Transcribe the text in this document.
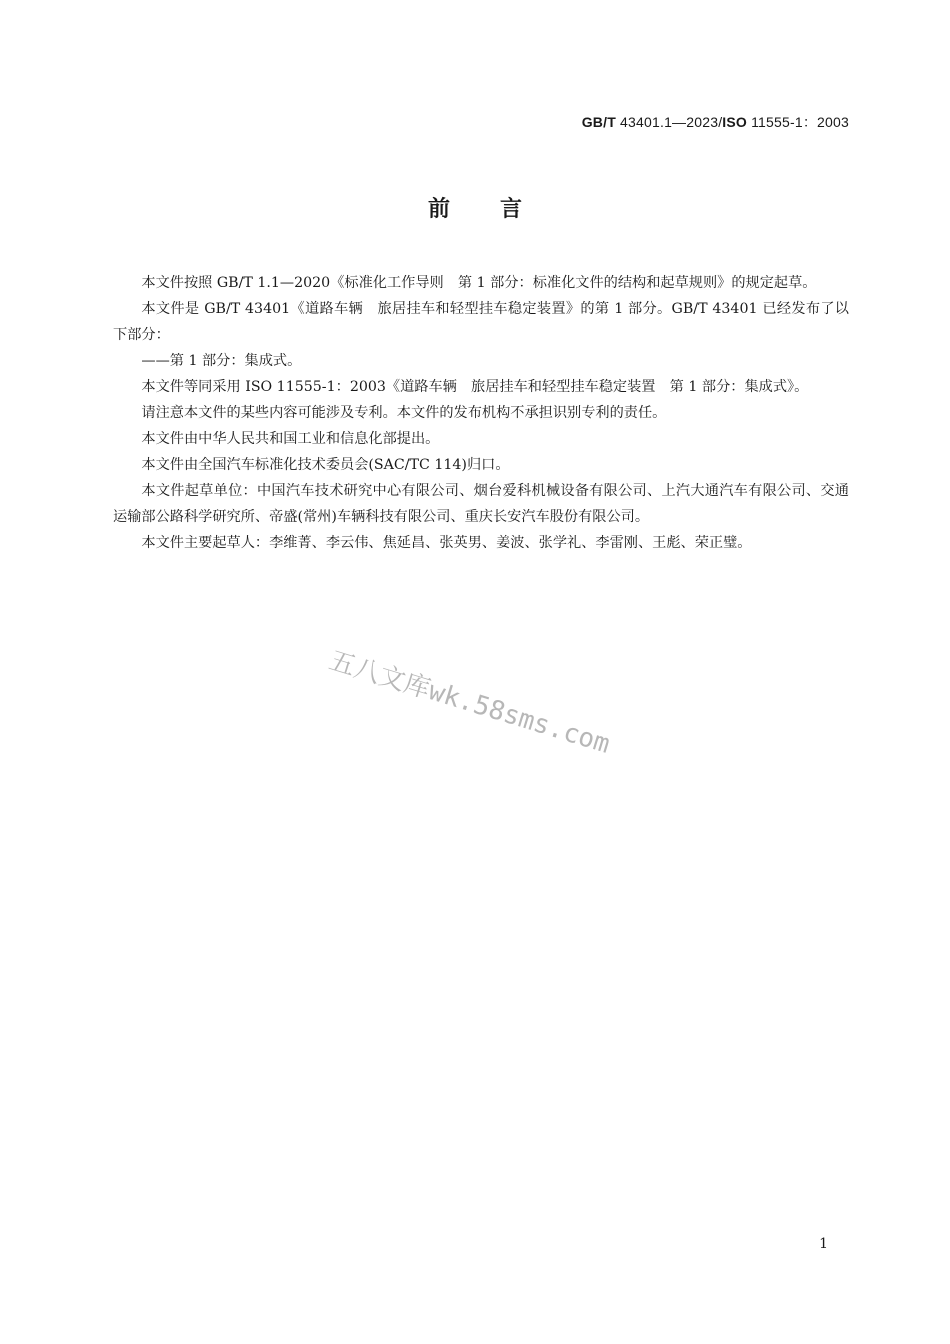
GB/T 43401.1—2023/ISO 11555-1：2003
前 言

本文件按照 GB/T 1.1—2020《标准化工作导则　第 1 部分：标准化文件的结构和起草规则》的规定起草。

本文件是 GB/T 43401《道路车辆　旅居挂车和轻型挂车稳定装置》的第 1 部分。GB/T 43401 已经发布了以下部分：

——第 1 部分：集成式。

本文件等同采用 ISO 11555-1：2003《道路车辆　旅居挂车和轻型挂车稳定装置　第 1 部分：集成式》。

请注意本文件的某些内容可能涉及专利。本文件的发布机构不承担识别专利的责任。

本文件由中华人民共和国工业和信息化部提出。

本文件由全国汽车标准化技术委员会(SAC/TC 114)归口。

本文件起草单位：中国汽车技术研究中心有限公司、烟台爱科机械设备有限公司、上汽大通汽车有限公司、交通运输部公路科学研究所、帝盛(常州)车辆科技有限公司、重庆长安汽车股份有限公司。

本文件主要起草人：李维菁、李云伟、焦延昌、张英男、姜波、张学礼、李雷刚、王彪、荣正璧。

五八文库wk.58sms.com
1
